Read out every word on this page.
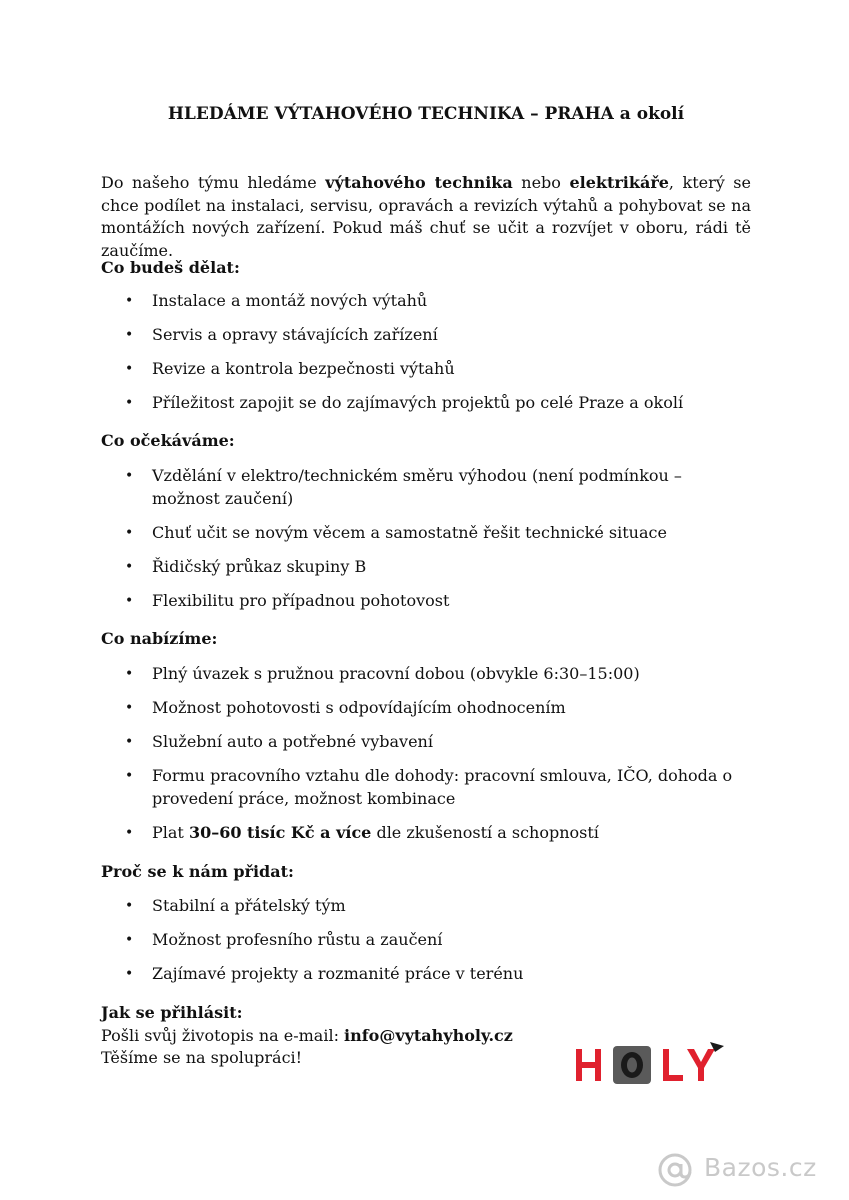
HLEDÁME VÝTAHOVÉHO TECHNIKA – PRAHA a okolí
Do našeho týmu hledáme výtahového technika nebo elektrikáře, který se chce podílet na instalaci, servisu, opravách a revizích výtahů a pohybovat se na montážích nových zařízení. Pokud máš chuť se učit a rozvíjet v oboru, rádi tě zaučíme.
Co budeš dělat:
• Instalace a montáž nových výtahů
• Servis a opravy stávajících zařízení
• Revize a kontrola bezpečnosti výtahů
• Příležitost zapojit se do zajímavých projektů po celé Praze a okolí
Co očekáváme:
• Vzdělání v elektro/technickém směru výhodou (není podmínkou – možnost zaučení)
• Chuť učit se novým věcem a samostatně řešit technické situace
• Řidičský průkaz skupiny B
• Flexibilitu pro případnou pohotovost
Co nabízíme:
• Plný úvazek s pružnou pracovní dobou (obvykle 6:30–15:00)
• Možnost pohotovosti s odpovídajícím ohodnocením
• Služební auto a potřebné vybavení
• Formu pracovního vztahu dle dohody: pracovní smlouva, IČO, dohoda o provedení práce, možnost kombinace
• Plat 30–60 tisíc Kč a více dle zkušeností a schopností
Proč se k nám přidat:
• Stabilní a přátelský tým
• Možnost profesního růstu a zaučení
• Zajímavé projekty a rozmanité práce v terénu
Jak se přihlásit:
Pošli svůj životopis na e-mail: info@vytahyholy.cz
Těšíme se na spolupráci!
Bazos.cz
